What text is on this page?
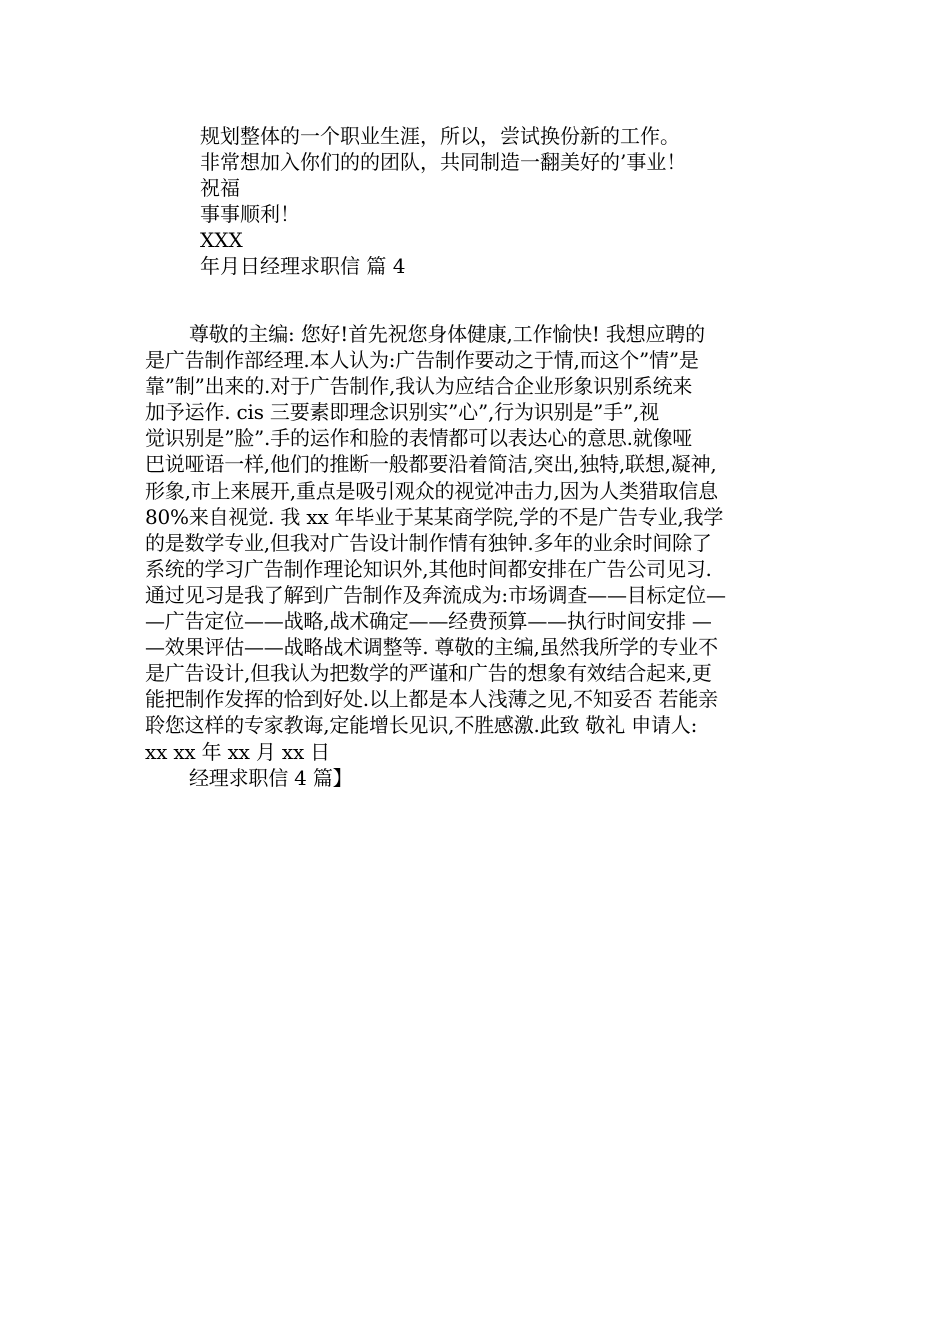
规划整体的一个职业生涯，所以，尝试换份新的工作。
非常想加入你们的的团队，共同制造一翻美好的’事业！
祝福
事事顺利！
XXX
年月日经理求职信 篇 4
尊敬的主编: 您好!首先祝您身体健康,工作愉快! 我想应聘的
是广告制作部经理.本人认为:广告制作要动之于情,而这个”情”是
靠”制”出来的.对于广告制作,我认为应结合企业形象识别系统来
加予运作. cis 三要素即理念识别实”心”,行为识别是”手”,视
觉识别是”脸”.手的运作和脸的表情都可以表达心的意思.就像哑
巴说哑语一样,他们的推断一般都要沿着简洁,突出,独特,联想,凝神,
形象,市上来展开,重点是吸引观众的视觉冲击力,因为人类猎取信息
80%来自视觉. 我 xx 年毕业于某某商学院,学的不是广告专业,我学
的是数学专业,但我对广告设计制作情有独钟.多年的业余时间除了
系统的学习广告制作理论知识外,其他时间都安排在广告公司见习.
通过见习是我了解到广告制作及奔流成为:市场调查——目标定位—
—广告定位——战略,战术确定——经费预算——执行时间安排 —
—效果评估——战略战术调整等. 尊敬的主编,虽然我所学的专业不
是广告设计,但我认为把数学的严谨和广告的想象有效结合起来,更
能把制作发挥的恰到好处.以上都是本人浅薄之见,不知妥否 若能亲
聆您这样的专家教诲,定能增长见识,不胜感激.此致 敬礼 申请人:
xx xx 年 xx 月 xx 日
经理求职信 4 篇】
